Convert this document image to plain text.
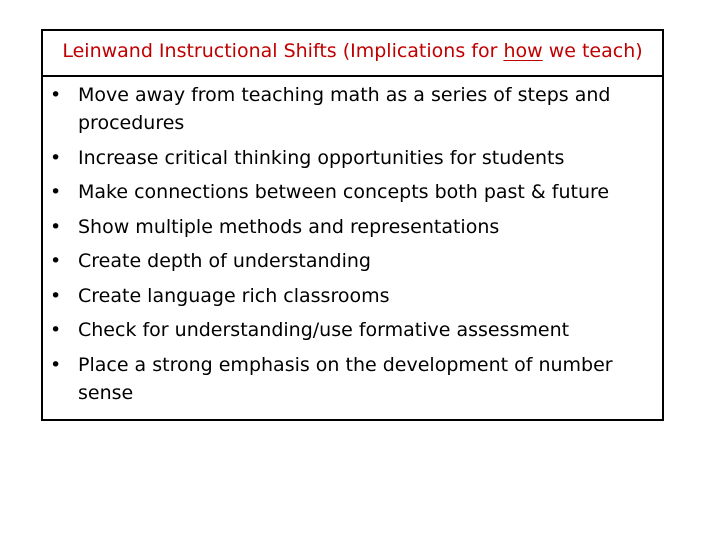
Leinwand Instructional Shifts (Implications for how we teach)
• Move away from teaching math as a series of steps and procedures
• Increase critical thinking opportunities for students
• Make connections between concepts both past & future
• Show multiple methods and representations
• Create depth of understanding
• Create language rich classrooms
• Check for understanding/use formative assessment
• Place a strong emphasis on the development of number sense
